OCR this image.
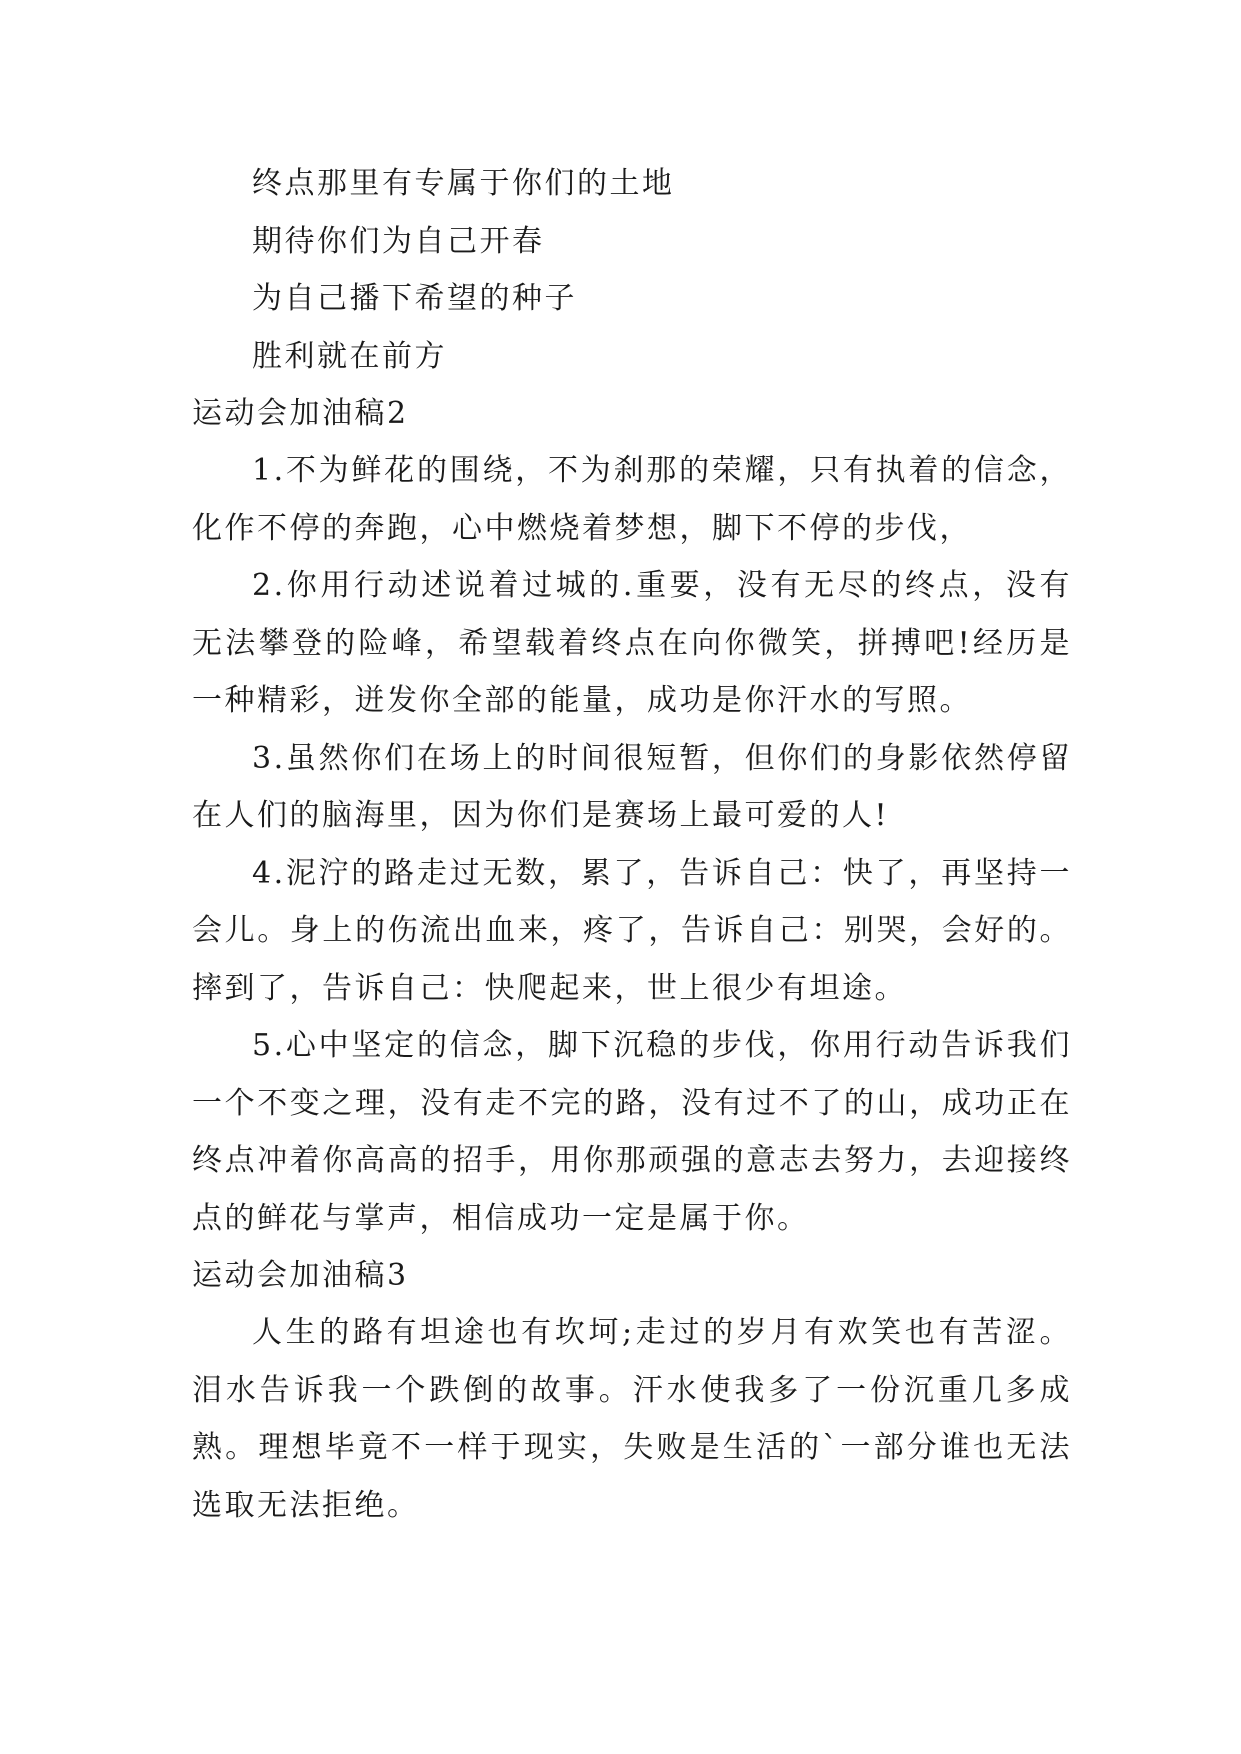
终点那里有专属于你们的土地
期待你们为自己开春
为自己播下希望的种子
胜利就在前方
运动会加油稿2

1.不为鲜花的围绕，不为刹那的荣耀，只有执着的信念，化作不停的奔跑，心中燃烧着梦想，脚下不停的步伐，

2.你用行动述说着过城的.重要，没有无尽的终点，没有无法攀登的险峰，希望载着终点在向你微笑，拼搏吧!经历是一种精彩，迸发你全部的能量，成功是你汗水的写照。

3.虽然你们在场上的时间很短暂，但你们的身影依然停留在人们的脑海里，因为你们是赛场上最可爱的人!

4.泥泞的路走过无数，累了，告诉自己：快了，再坚持一会儿。身上的伤流出血来，疼了，告诉自己：别哭，会好的。摔到了，告诉自己：快爬起来，世上很少有坦途。

5.心中坚定的信念，脚下沉稳的步伐，你用行动告诉我们一个不变之理，没有走不完的路，没有过不了的山，成功正在终点冲着你高高的招手，用你那顽强的意志去努力，去迎接终点的鲜花与掌声，相信成功一定是属于你。

运动会加油稿3

人生的路有坦途也有坎坷;走过的岁月有欢笑也有苦涩。泪水告诉我一个跌倒的故事。汗水使我多了一份沉重几多成熟。理想毕竟不一样于现实，失败是生活的`一部分谁也无法选取无法拒绝。
